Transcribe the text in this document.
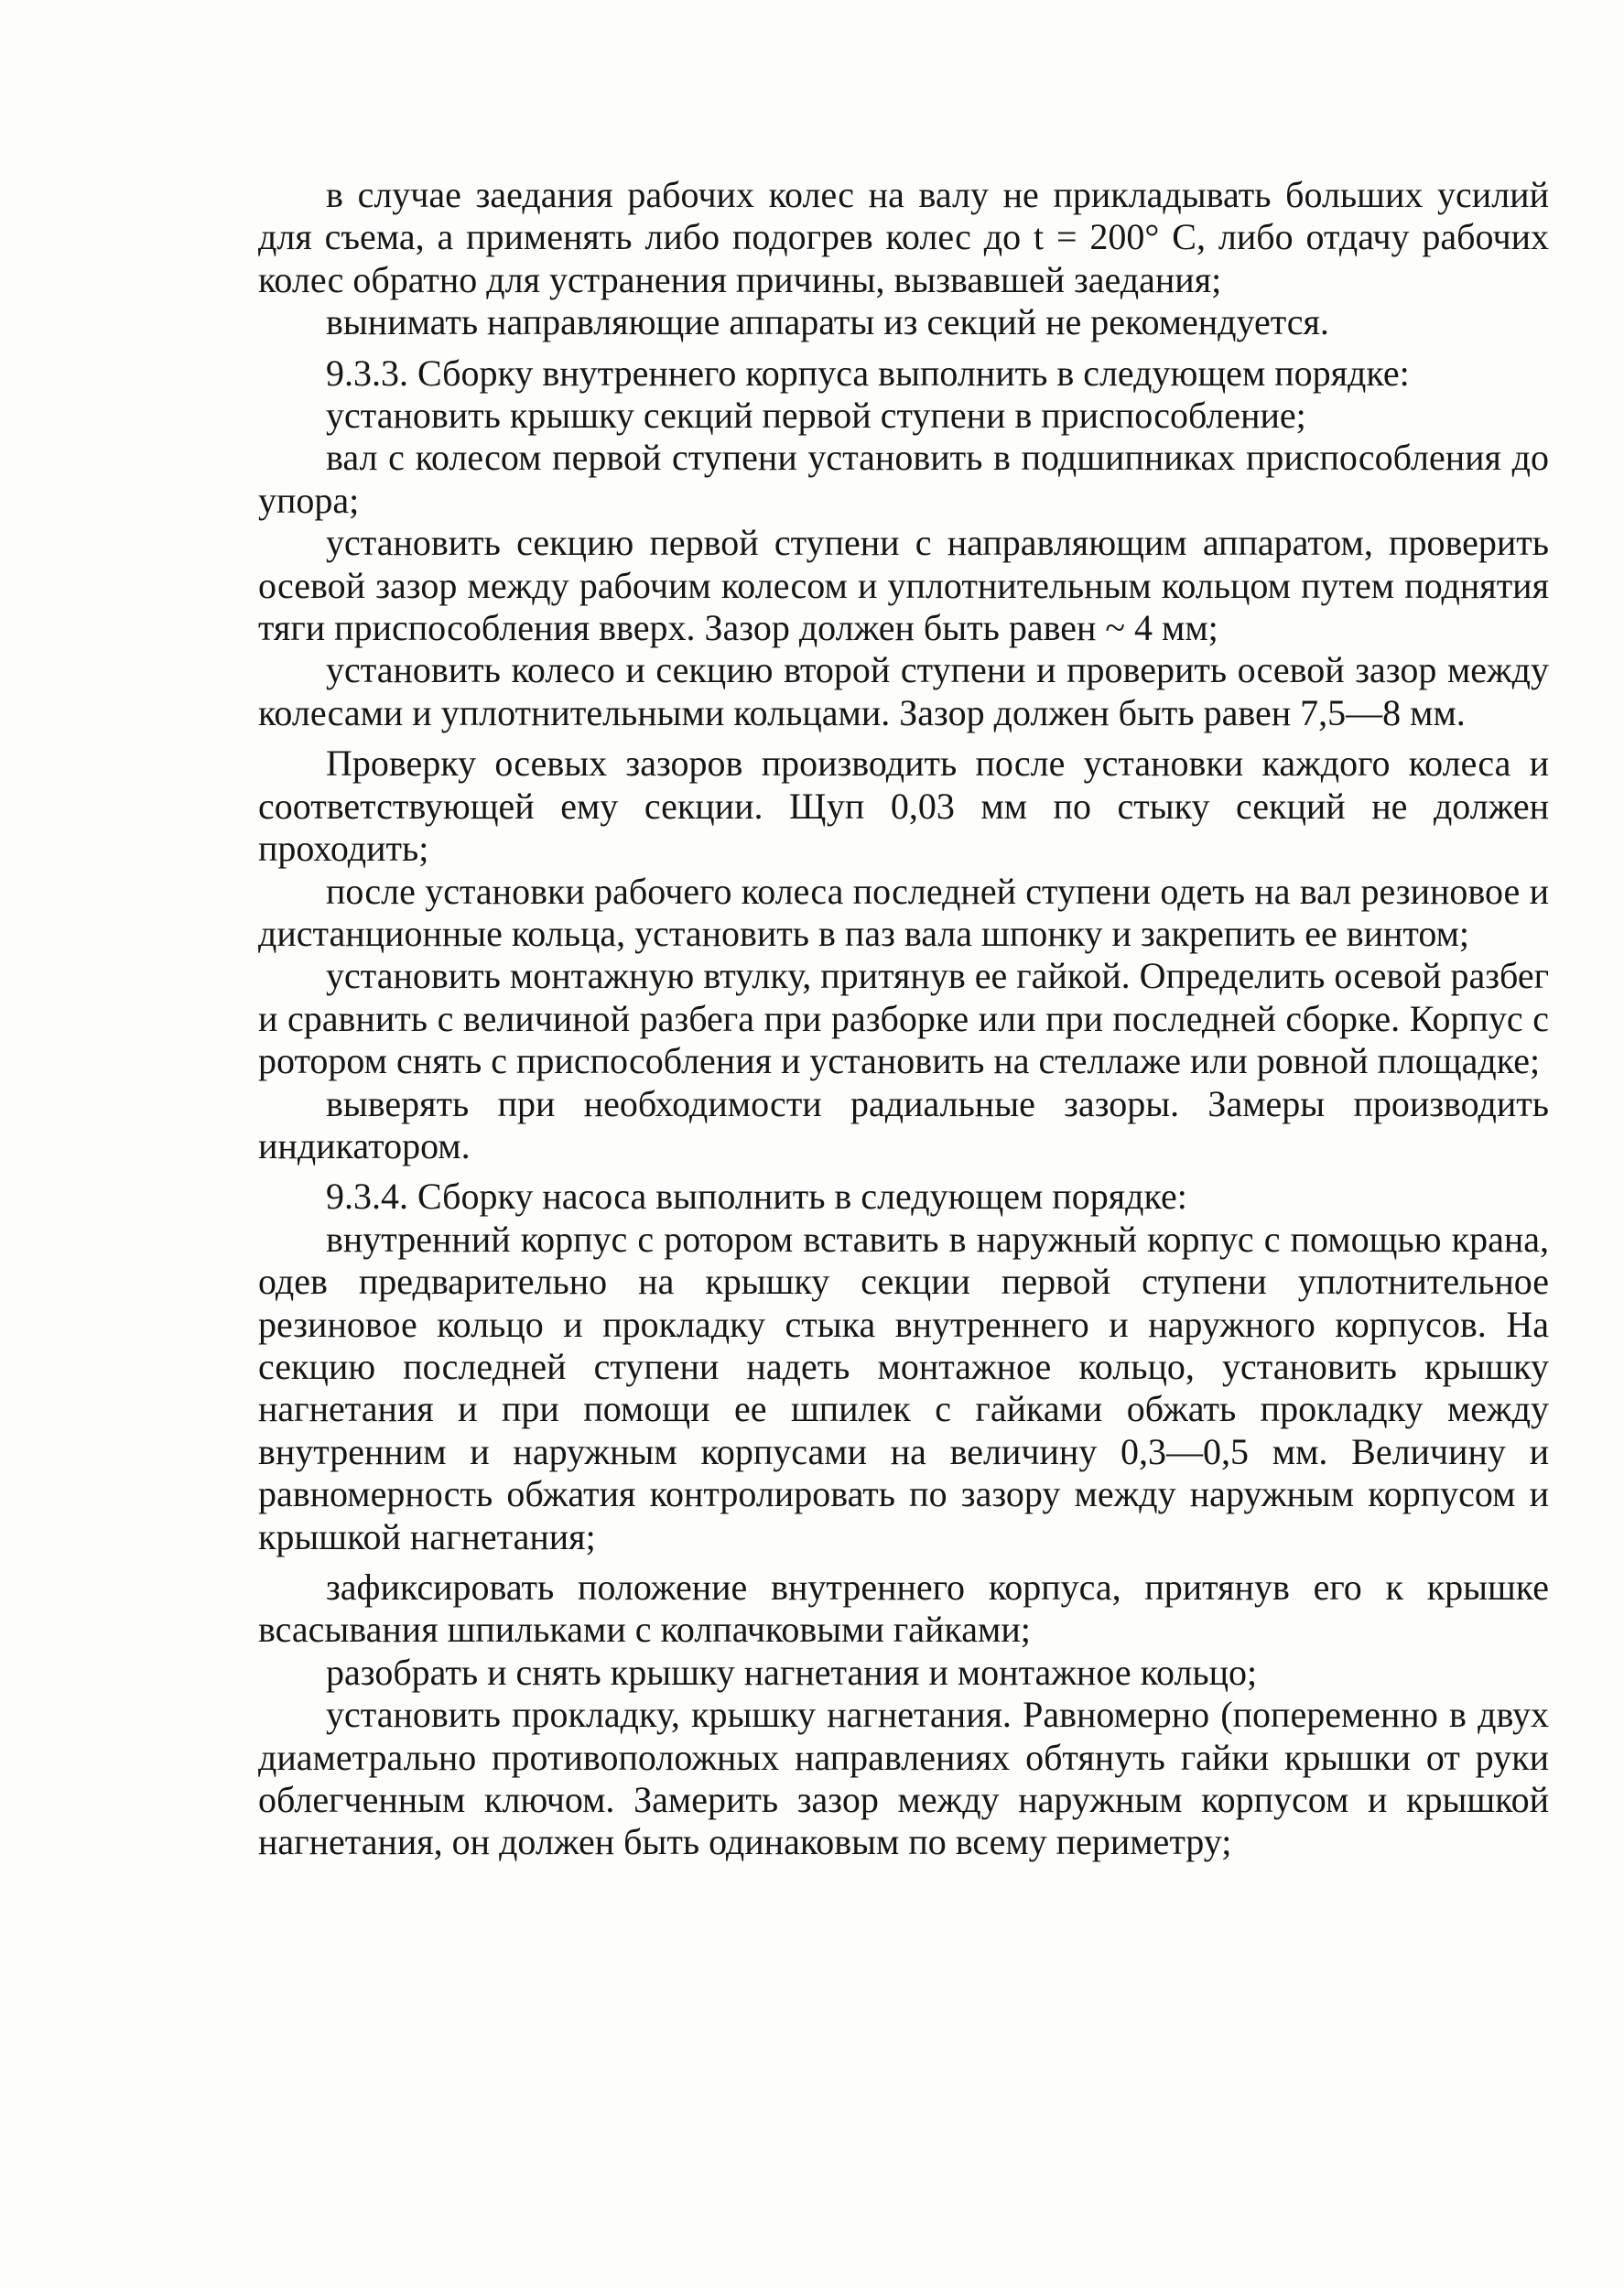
в случае заедания рабочих колес на валу не прикладывать больших усилий для съема, а применять либо подогрев колес до t = 200° С, либо отдачу рабочих колес обратно для устранения причины, вызвавшей заедания;

вынимать направляющие аппараты из секций не рекомендуется.

9.3.3. Сборку внутреннего корпуса выполнить в следующем порядке:

установить крышку секций первой ступени в приспособление;

вал с колесом первой ступени установить в подшипниках приспособления до упора;

установить секцию первой ступени с направляющим аппаратом, проверить осевой зазор между рабочим колесом и уплотнительным кольцом путем поднятия тяги приспособления вверх. Зазор должен быть равен ~ 4 мм;

установить колесо и секцию второй ступени и проверить осевой зазор между колесами и уплотнительными кольцами. Зазор должен быть равен 7,5—8 мм.

Проверку осевых зазоров производить после установки каждого колеса и соответствующей ему секции. Щуп 0,03 мм по стыку секций не должен проходить;

после установки рабочего колеса последней ступени одеть на вал резиновое и дистанционные кольца, установить в паз вала шпонку и закрепить ее винтом;

установить монтажную втулку, притянув ее гайкой. Определить осевой разбег и сравнить с величиной разбега при разборке или при последней сборке. Корпус с ротором снять с приспособления и установить на стеллаже или ровной площадке;

выверять при необходимости радиальные зазоры. Замеры производить индикатором.

9.3.4. Сборку насоса выполнить в следующем порядке:

внутренний корпус с ротором вставить в наружный корпус с помощью крана, одев предварительно на крышку секции первой ступени уплотнительное резиновое кольцо и прокладку стыка внутреннего и наружного корпусов. На секцию последней ступени надеть монтажное кольцо, установить крышку нагнетания и при помощи ее шпилек с гайками обжать прокладку между внутренним и наружным корпусами на величину 0,3—0,5 мм. Величину и равномерность обжатия контролировать по зазору между наружным корпусом и крышкой нагнетания;

зафиксировать положение внутреннего корпуса, притянув его к крышке всасывания шпильками с колпачковыми гайками;

разобрать и снять крышку нагнетания и монтажное кольцо;

установить прокладку, крышку нагнетания. Равномерно (попеременно в двух диаметрально противоположных направлениях обтянуть гайки крышки от руки облегченным ключом. Замерить зазор между наружным корпусом и крышкой нагнетания, он должен быть одинаковым по всему периметру;
